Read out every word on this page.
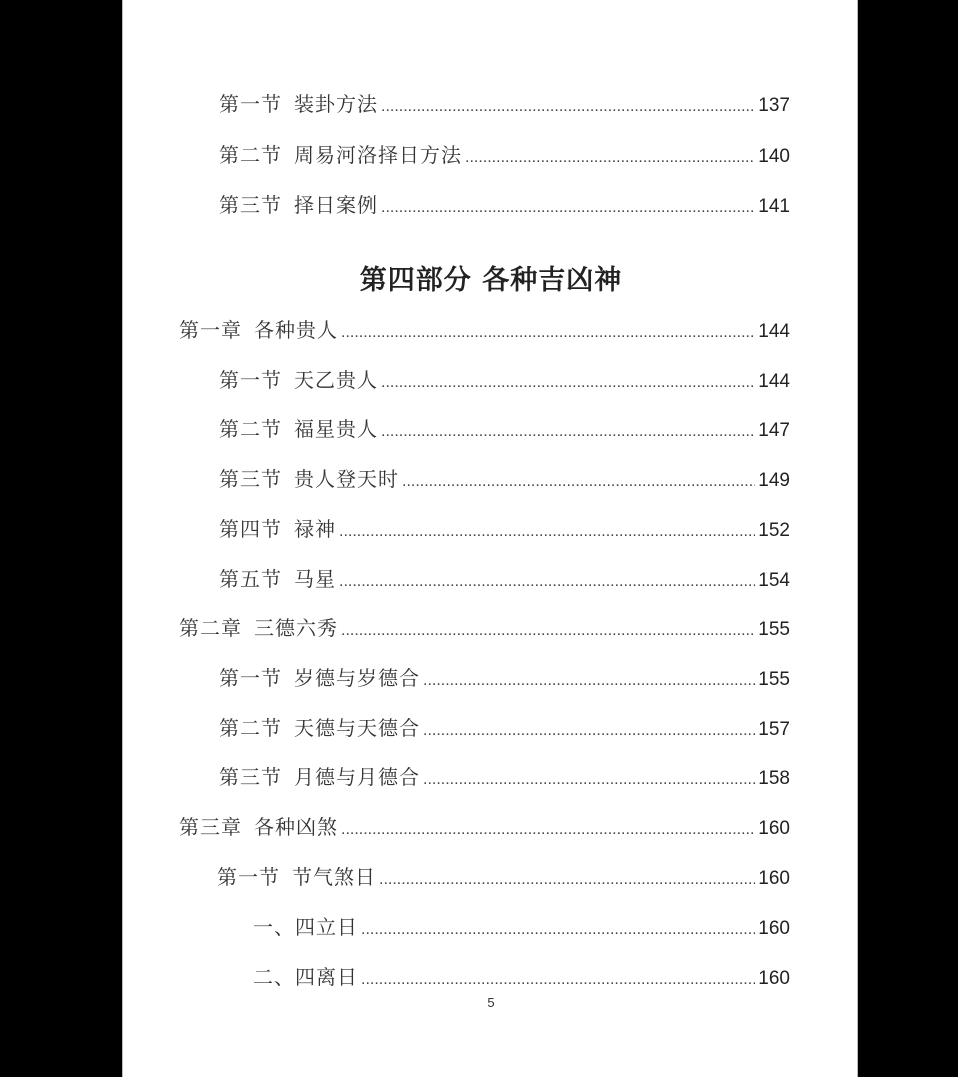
第一节 装卦方法 .....	137
第二节 周易河洛择日方法 .....	140
第三节 择日案例 .....	141
第四部分 各种吉凶神
第一章 各种贵人 .....	144
第一节 天乙贵人 .....	144
第二节 福星贵人 .....	147
第三节 贵人登天时 .....	149
第四节 禄神 .....	152
第五节 马星 .....	154
第二章 三德六秀 .....	155
第一节 岁德与岁德合 .....	155
第二节 天德与天德合 .....	157
第三节 月德与月德合 .....	158
第三章 各种凶煞 .....	160
第一节 节气煞日 .....	160
一、 四立日 .....	160
二、 四离日 .....	160
5
